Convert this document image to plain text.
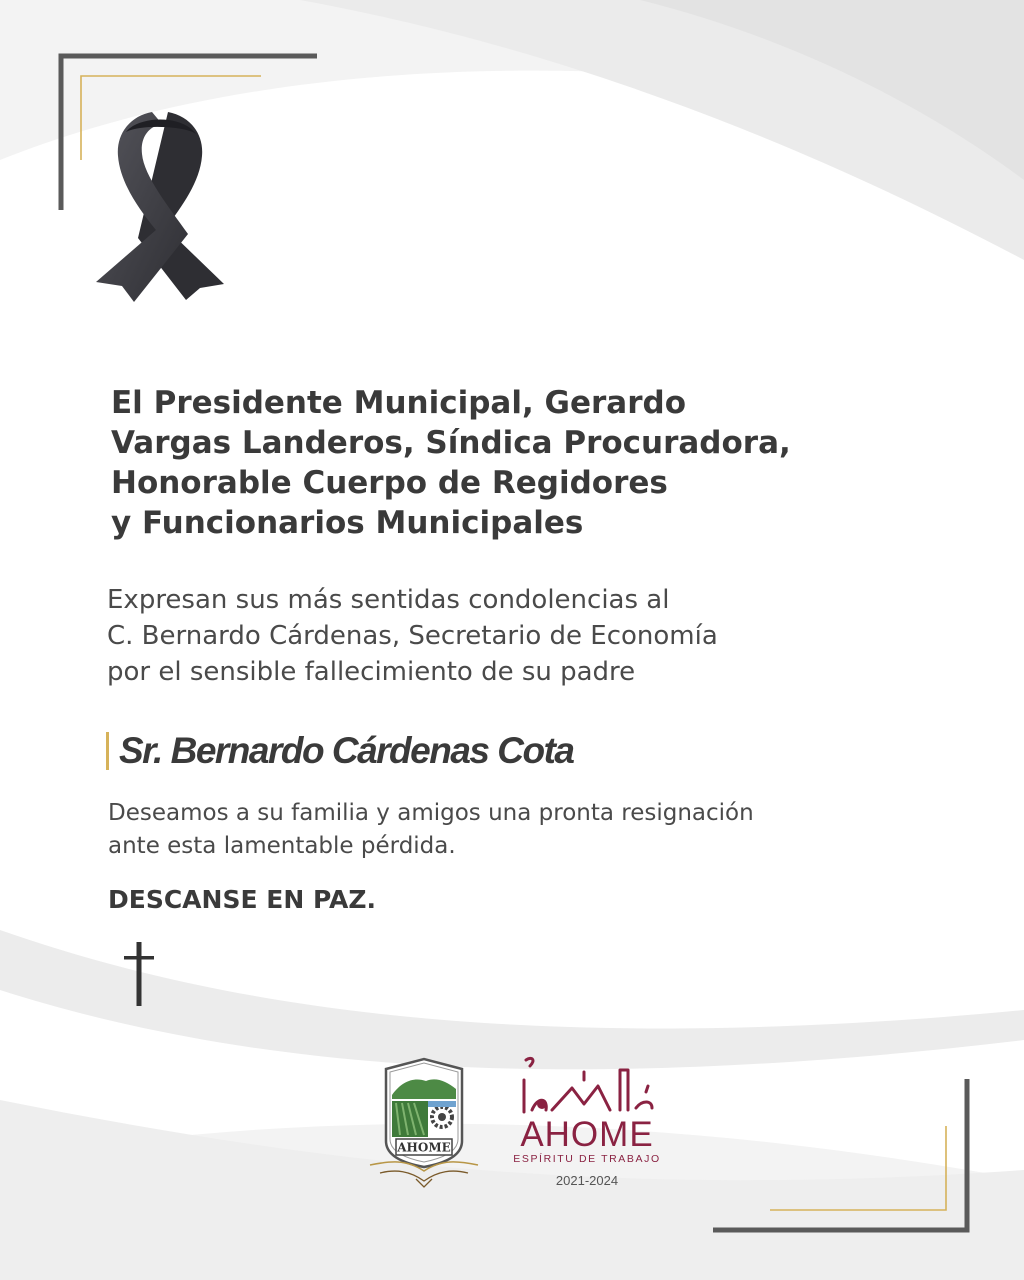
El Presidente Municipal, Gerardo
Vargas Landeros, Síndica Procuradora,
Honorable Cuerpo de Regidores
y Funcionarios Municipales

Expresan sus más sentidas condolencias al
C. Bernardo Cárdenas, Secretario de Economía
por el sensible fallecimiento de su padre

Sr. Bernardo Cárdenas Cota

Deseamos a su familia y amigos una pronta resignación
ante esta lamentable pérdida.

DESCANSE EN PAZ.

AHOME AHOME
ESPÍRITU DE TRABAJO
2021-2024
